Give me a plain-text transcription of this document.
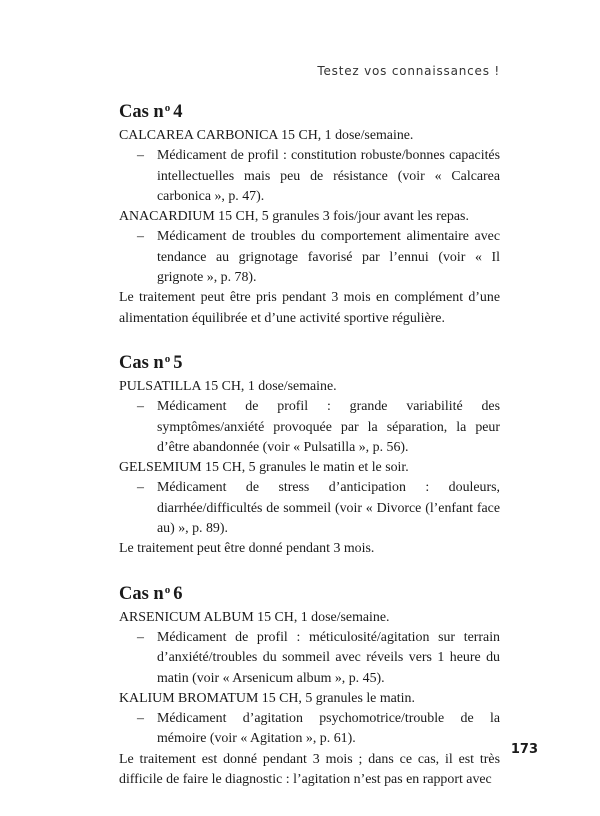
Testez vos connaissances !
Cas $n^o$ 4

CALCAREA CARBONICA 15 CH, 1 dose/semaine.

– Médicament de profil : constitution robuste/bonnes capacités intellectuelles mais peu de résistance (voir « Calcarea carbonica », p. 47).

ANACARDIUM 15 CH, 5 granules 3 fois/jour avant les repas.

– Médicament de troubles du comportement alimentaire avec tendance au grignotage favorisé par l’ennui (voir « Il grignote », p. 78).

Le traitement peut être pris pendant 3 mois en complément d’une alimentation équilibrée et d’une activité sportive régulière.

Cas $n^o$ 5

PULSATILLA 15 CH, 1 dose/semaine.

– Médicament de profil : grande variabilité des symptômes/anxiété provoquée par la séparation, la peur d’être abandonnée (voir « Pulsatilla », p. 56).

GELSEMIUM 15 CH, 5 granules le matin et le soir.

– Médicament de stress d’anticipation : douleurs, diarrhée/difficultés de sommeil (voir « Divorce (l’enfant face au) », p. 89).

Le traitement peut être donné pendant 3 mois.

Cas $n^o$ 6

ARSENICUM ALBUM 15 CH, 1 dose/semaine.

– Médicament de profil : méticulosité/agitation sur terrain d’anxiété/troubles du sommeil avec réveils vers 1 heure du matin (voir « Arsenicum album », p. 45).

KALIUM BROMATUM 15 CH, 5 granules le matin.

– Médicament d’agitation psychomotrice/trouble de la mémoire (voir « Agitation », p. 61).

Le traitement est donné pendant 3 mois ; dans ce cas, il est très difficile de faire le diagnostic : l’agitation n’est pas en rapport avec

173
